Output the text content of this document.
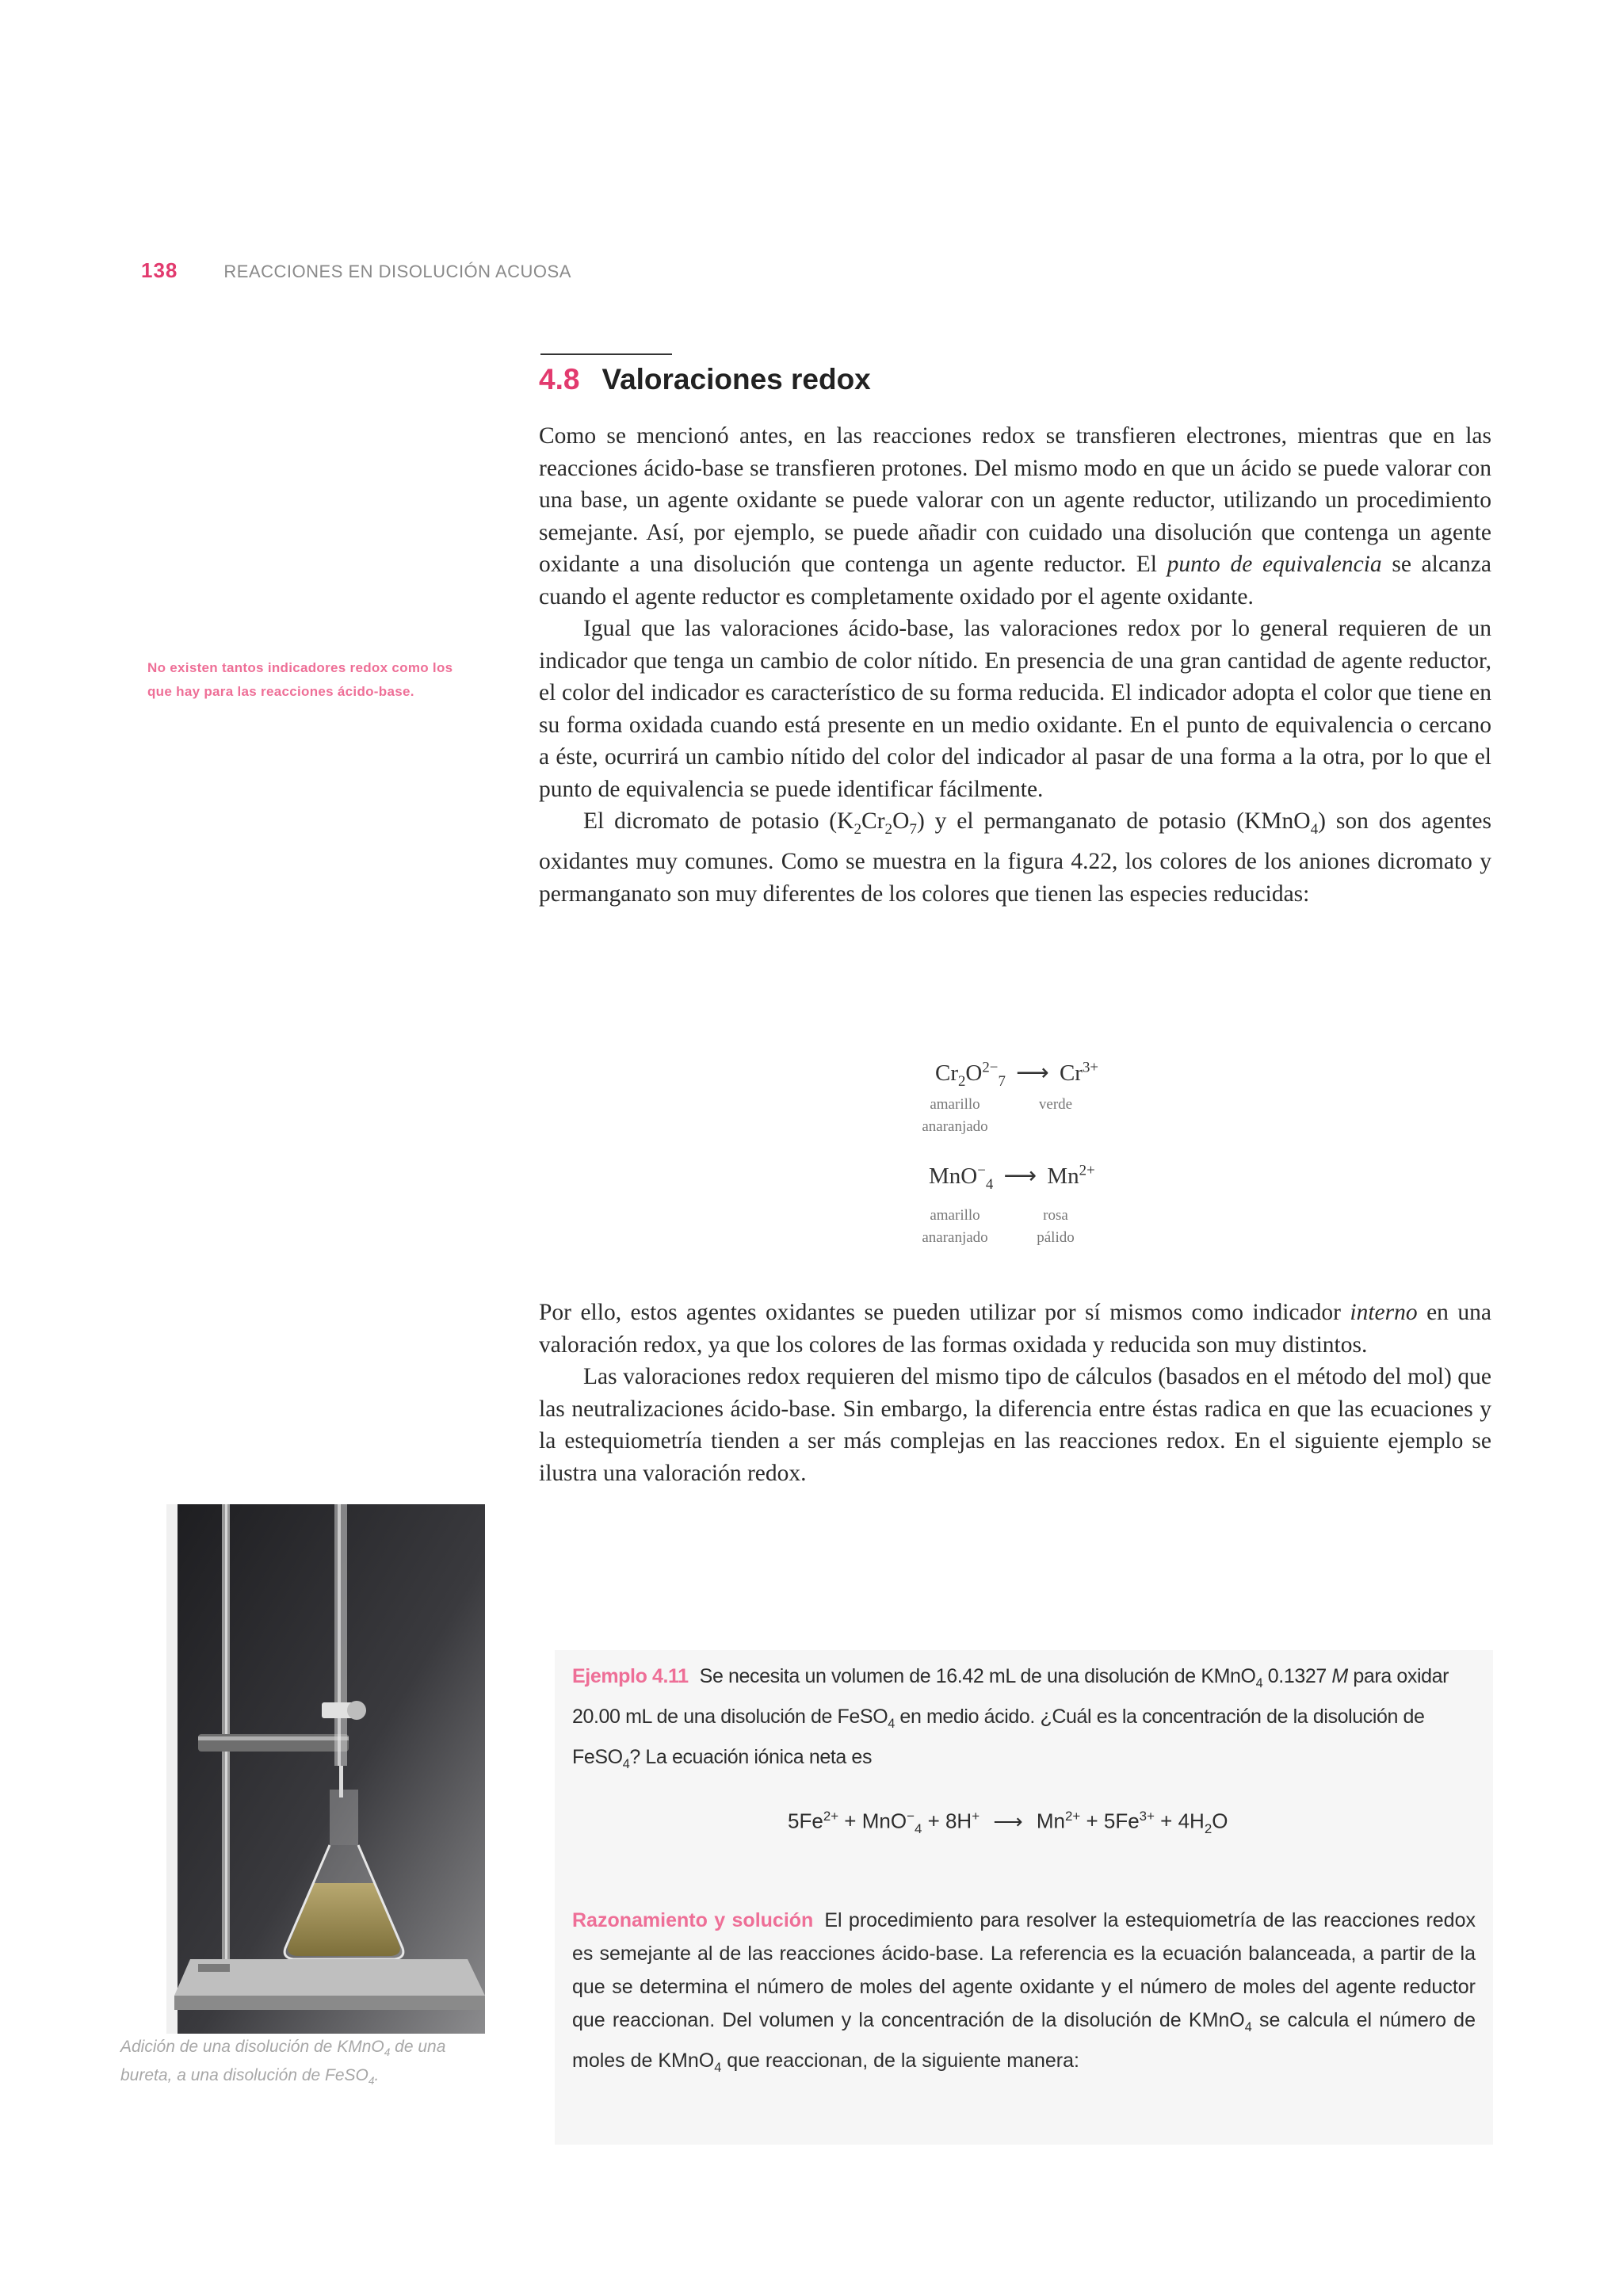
138	REACCIONES EN DISOLUCIÓN ACUOSA
No existen tantos indicadores redox como los que hay para las reacciones ácido-base.
4.8 Valoraciones redox

Como se mencionó antes, en las reacciones redox se transfieren electrones, mientras que en las reacciones ácido-base se transfieren protones. Del mismo modo en que un ácido se puede valorar con una base, un agente oxidante se puede valorar con un agente reductor, utilizando un procedimiento semejante. Así, por ejemplo, se puede añadir con cuidado una disolución que contenga un agente oxidante a una disolución que contenga un agente reductor. El punto de equivalencia se alcanza cuando el agente reductor es completamente oxidado por el agente oxidante.

Igual que las valoraciones ácido-base, las valoraciones redox por lo general requieren de un indicador que tenga un cambio de color nítido. En presencia de una gran cantidad de agente reductor, el color del indicador es característico de su forma reducida. El indicador adopta el color que tiene en su forma oxidada cuando está presente en un medio oxidante. En el punto de equivalencia o cercano a éste, ocurrirá un cambio nítido del color del indicador al pasar de una forma a la otra, por lo que el punto de equivalencia se puede identificar fácilmente.

El dicromato de potasio $(K_2Cr_2O_7)$ y el permanganato de potasio (KMnO$_4$) son dos agentes oxidantes muy comunes. Como se muestra en la figura 4.22, los colores de los aniones dicromato y permanganato son muy diferentes de los colores que tienen las especies reducidas:

$Cr_2O^{2-}_7$ ⟶ $Cr^{3+}$
amarillo anaranjado
verde
MnO−$_4$ ⟶ $Mn^{2+}$
amarillo anaranjado
rosa pálido

Por ello, estos agentes oxidantes se pueden utilizar por sí mismos como indicador interno en una valoración redox, ya que los colores de las formas oxidada y reducida son muy distintos.

Las valoraciones redox requieren del mismo tipo de cálculos (basados en el método del mol) que las neutralizaciones ácido-base. Sin embargo, la diferencia entre éstas radica en que las ecuaciones y la estequiometría tienden a ser más complejas en las reacciones redox. En el siguiente ejemplo se ilustra una valoración redox.

Adición de una disolución de KMnO$_4$ de una bureta, a una disolución de FeSO$_4$.

Ejemplo 4.11 Se necesita un volumen de 16.42 mL de una disolución de KMnO$_4$ 0.1327 M para oxidar 20.00 mL de una disolución de FeSO$_4$ en medio ácido. ¿Cuál es la concentración de la disolución de FeSO$_4$? La ecuación iónica neta es

$5Fe^{2+} + MnO^-_4 + 8H^+$ ⟶ $Mn^{2+} + 5Fe^{3+} + 4H_2O$

Razonamiento y solución El procedimiento para resolver la estequiometría de las reacciones redox es semejante al de las reacciones ácido-base. La referencia es la ecuación balanceada, a partir de la que se determina el número de moles del agente oxidante y el número de moles del agente reductor que reaccionan. Del volumen y la concentración de la disolución de KMnO$_4$ se calcula el número de moles de KMnO$_4$ que reaccionan, de la siguiente manera:
